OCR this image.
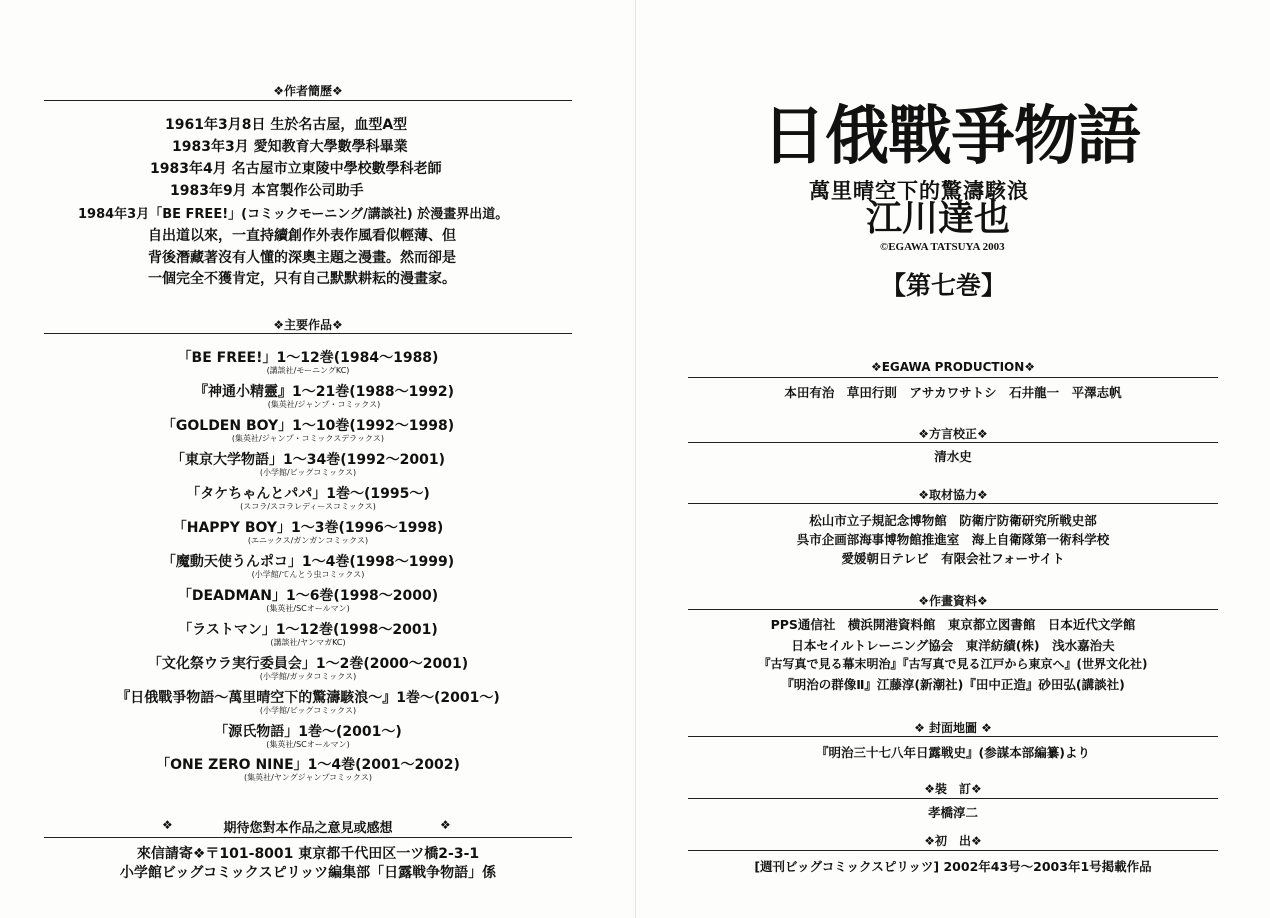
❖作者簡歷❖
1961年3月8日 生於名古屋，血型A型
1983年3月 愛知教育大學數學科畢業
1983年4月 名古屋市立東陵中學校數學科老師
1983年9月 本宮製作公司助手
1984年3月「BE FREE!」(コミックモーニング/講談社) 於漫畫界出道。
自出道以來，一直持續創作外表作風看似輕薄、但
背後潛藏著沒有人懂的深奧主題之漫畫。然而卻是
一個完全不獲肯定，只有自己默默耕耘的漫畫家。
❖主要作品❖
「BE FREE!」1〜12巻(1984〜1988)
(講談社/モーニングKC)
『神通小精靈』1〜21巻(1988〜1992)
(集英社/ジャンプ・コミックス)
「GOLDEN BOY」1〜10巻(1992〜1998)
(集英社/ジャンプ・コミックスデラックス)
「東京大学物語」1〜34巻(1992〜2001)
(小学館/ビッグコミックス)
「タケちゃんとパパ」1巻〜(1995〜)
(スコラ/スコラレディースコミックス)
「HAPPY BOY」1〜3巻(1996〜1998)
(エニックス/ガンガンコミックス)
「魔動天使うんポコ」1〜4巻(1998〜1999)
(小学館/てんとう虫コミックス)
「DEADMAN」1〜6巻(1998〜2000)
(集英社/SCオールマン)
「ラストマン」1〜12巻(1998〜2001)
(講談社/ヤンマガKC)
「文化祭ウラ実行委員会」1〜2巻(2000〜2001)
(小学館/ガッタコミックス)
『日俄戰爭物語〜萬里晴空下的驚濤駭浪〜』1巻〜(2001〜)
(小学館/ビッグコミックス)
「源氏物語」1巻〜(2001〜)
(集英社/SCオールマン)
「ONE ZERO NINE」1〜4巻(2001〜2002)
(集英社/ヤングジャンプコミックス)
❖	期待您對本作品之意見或感想	❖
來信請寄❖〒101-8001 東京都千代田区一ツ橋2-3-1
小学館ビッグコミックスピリッツ編集部「日露戦争物語」係
日俄戰爭物語
萬里晴空下的驚濤駭浪
江川達也
©EGAWA TATSUYA 2003
【第七巻】
❖EGAWA PRODUCTION❖
本田有治　草田行則　アサカワサトシ　石井龍一　平澤志帆
❖方言校正❖
清水史
❖取材協力❖
松山市立子規記念博物館　防衛庁防衛研究所戦史部
呉市企画部海事博物館推進室　海上自衛隊第一術科学校
愛媛朝日テレビ　有限会社フォーサイト
❖作畫資料❖
PPS通信社　横浜開港資料館　東京都立図書館　日本近代文学館
日本セイルトレーニング協会　東洋紡績(株)　浅水嘉治夫
『古写真で見る幕末明治』『古写真で見る江戸から東京へ』(世界文化社)
『明治の群像Ⅱ』江藤淳(新潮社)『田中正造』砂田弘(講談社)
❖ 封面地圖 ❖
『明治三十七八年日露戦史』(参謀本部編纂)より
❖裝　訂❖
孝橋淳二
❖初　出❖
[週刊ビッグコミックスピリッツ] 2002年43号〜2003年1号掲載作品
